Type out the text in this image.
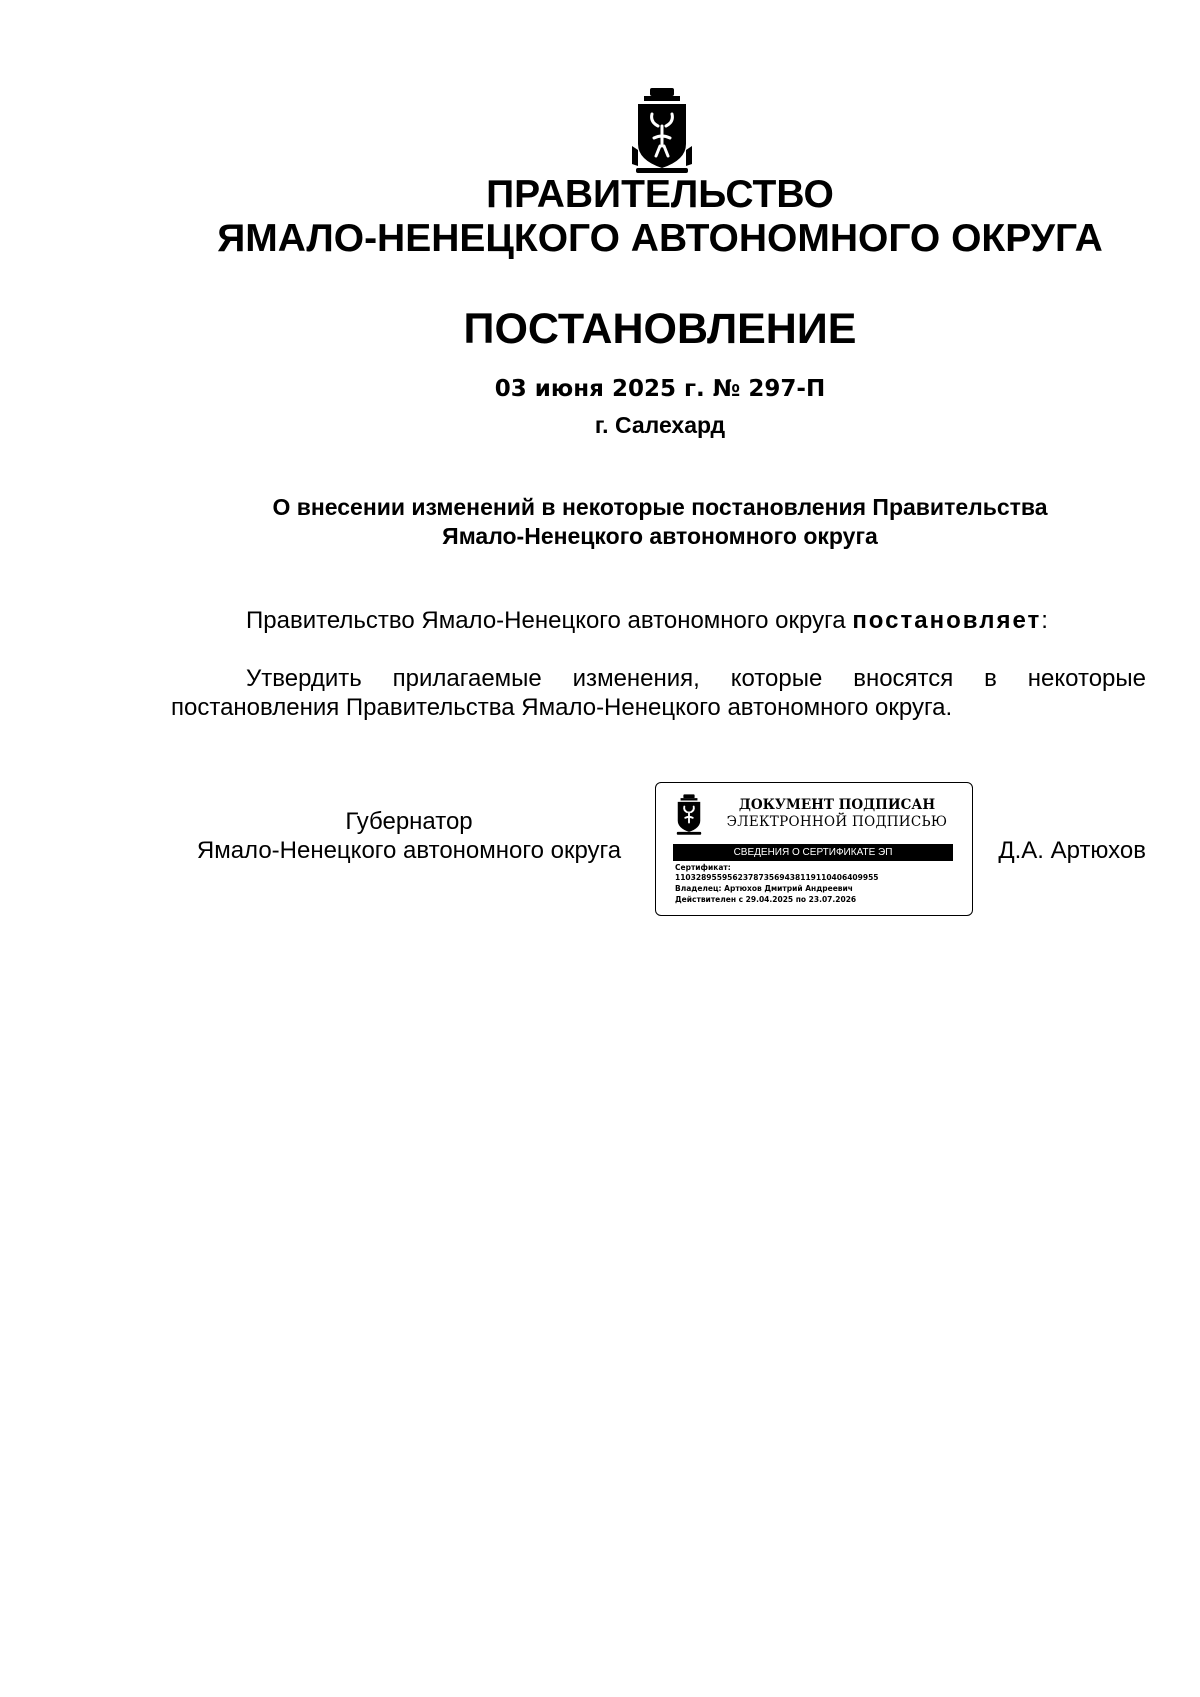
ПРАВИТЕЛЬСТВО
ЯМАЛО-НЕНЕЦКОГО АВТОНОМНОГО ОКРУГА
ПОСТАНОВЛЕНИЕ
03 июня 2025 г. № 297-П
г. Салехард
О внесении изменений в некоторые постановления Правительства
Ямало-Ненецкого автономного округа
Правительство Ямало-Ненецкого автономного округа постановляет:
Утвердить прилагаемые изменения, которые вносятся в некоторые постановления Правительства Ямало-Ненецкого автономного округа.
Губернатор
Ямало-Ненецкого автономного округа
ДОКУМЕНТ ПОДПИСАН
ЭЛЕКТРОННОЙ ПОДПИСЬЮ
СВЕДЕНИЯ О СЕРТИФИКАТЕ ЭП
Сертификат:
110328955956237873569438119110406409955
Владелец: Артюхов Дмитрий Андреевич
Действителен с 29.04.2025 по 23.07.2026
Д.А. Артюхов
